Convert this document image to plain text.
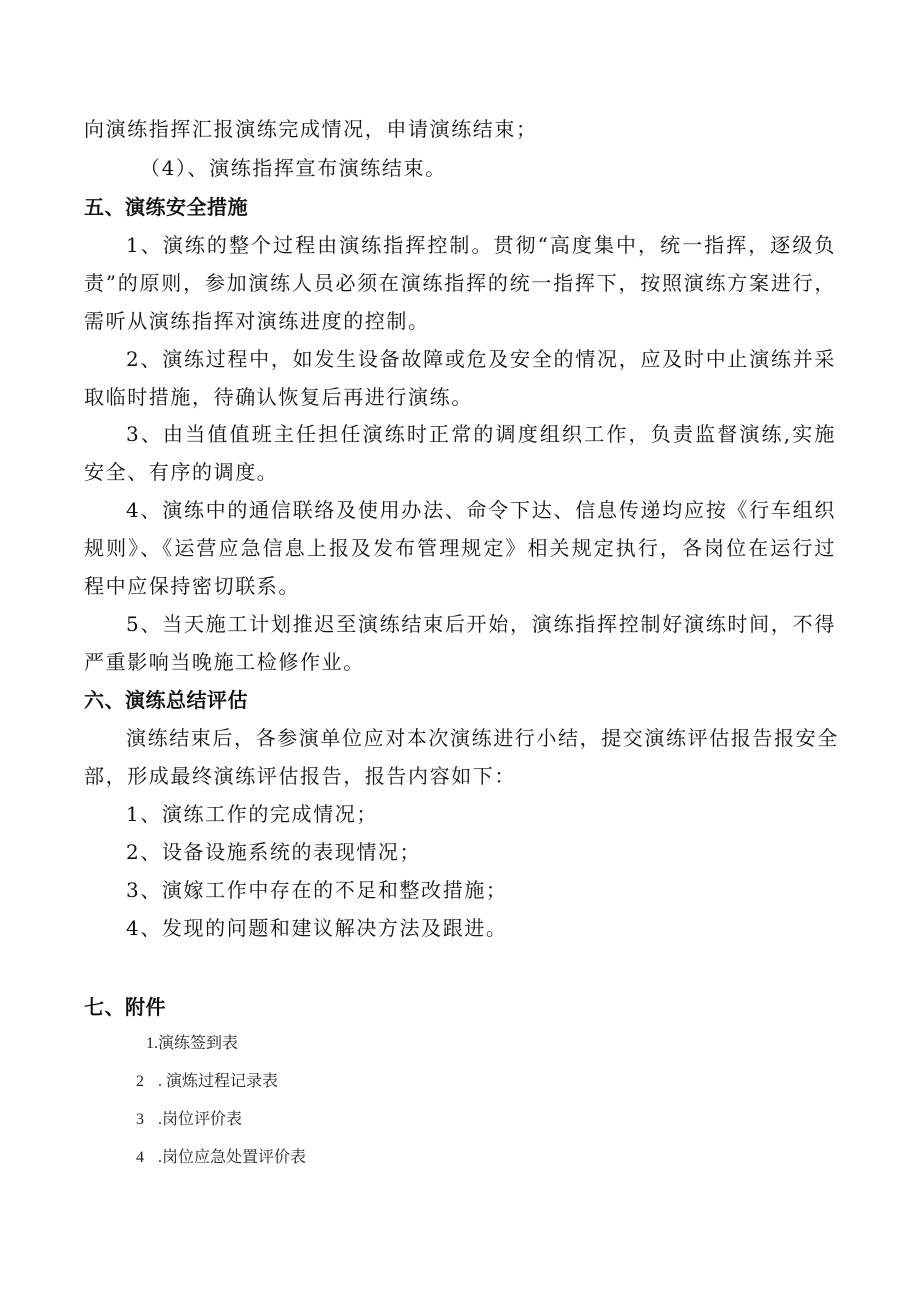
向演练指挥汇报演练完成情况，申请演练结束；
（4）、演练指挥宣布演练结束。
五、演练安全措施
1、演练的整个过程由演练指挥控制。贯彻“高度集中，统一指挥，逐级负
责”的原则，参加演练人员必须在演练指挥的统一指挥下，按照演练方案进行，
需听从演练指挥对演练进度的控制。
2、演练过程中，如发生设备故障或危及安全的情况，应及时中止演练并采
取临时措施，待确认恢复后再进行演练。
3、由当值值班主任担任演练时正常的调度组织工作，负责监督演练,实施
安全、有序的调度。
4、演练中的通信联络及使用办法、命令下达、信息传递均应按《行车组织
规则》、《运营应急信息上报及发布管理规定》相关规定执行，各岗位在运行过
程中应保持密切联系。
5、当天施工计划推迟至演练结束后开始，演练指挥控制好演练时间，不得
严重影响当晚施工检修作业。
六、演练总结评估
演练结束后，各参演单位应对本次演练进行小结，提交演练评估报告报安全
部，形成最终演练评估报告，报告内容如下：
1、演练工作的完成情况；
2、设备设施系统的表现情况；
3、演嫁工作中存在的不足和整改措施；
4、发现的问题和建议解决方法及跟进。
七、附件
1.演练签到表
2 . 演炼过程记录表
3 .岗位评价表
4 .岗位应急处置评价表
